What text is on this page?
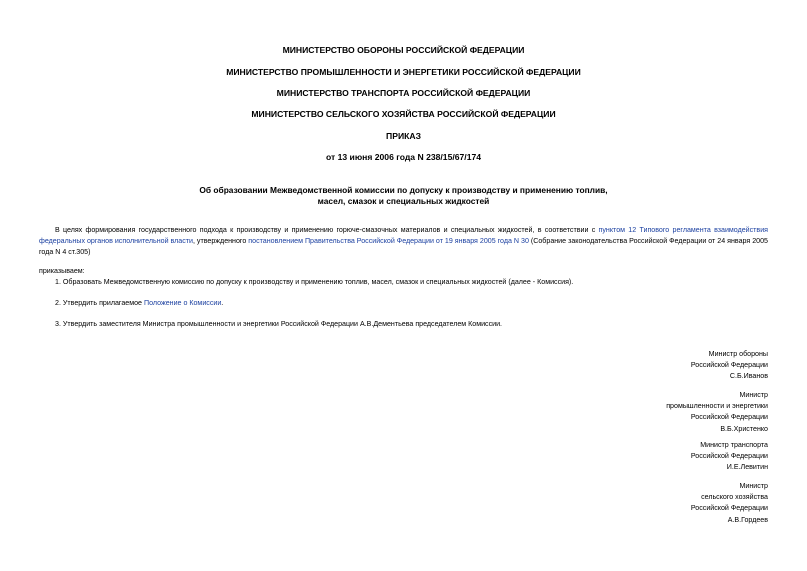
МИНИСТЕРСТВО ОБОРОНЫ РОССИЙСКОЙ ФЕДЕРАЦИИ
МИНИСТЕРСТВО ПРОМЫШЛЕННОСТИ И ЭНЕРГЕТИКИ РОССИЙСКОЙ ФЕДЕРАЦИИ
МИНИСТЕРСТВО ТРАНСПОРТА РОССИЙСКОЙ ФЕДЕРАЦИИ
МИНИСТЕРСТВО СЕЛЬСКОГО ХОЗЯЙСТВА РОССИЙСКОЙ ФЕДЕРАЦИИ
ПРИКАЗ
от 13 июня 2006 года N 238/15/67/174
Об образовании Межведомственной комиссии по допуску к производству и применению топлив,
масел, смазок и специальных жидкостей
В целях формирования государственного подхода к производству и применению горюче-смазочных материалов и специальных жидкостей, в соответствии с пунктом 12 Типового регламента взаимодействия федеральных органов исполнительной власти, утвержденного постановлением Правительства Российской Федерации от 19 января 2005 года N 30 (Собрание законодательства Российской Федерации от 24 января 2005 года N 4 ст.305)
приказываем:
1. Образовать Межведомственную комиссию по допуску к производству и применению топлив, масел, смазок и специальных жидкостей (далее - Комиссия).
2. Утвердить прилагаемое Положение о Комиссии.
3. Утвердить заместителя Министра промышленности и энергетики Российской Федерации А.В.Дементьева председателем Комиссии.
Министр обороны
Российской Федерации
С.Б.Иванов
Министр
промышленности и энергетики
Российской Федерации
В.Б.Христенко
Министр транспорта
Российской Федерации
И.Е.Левитин
Министр
сельского хозяйства
Российской Федерации
А.В.Гордеев
